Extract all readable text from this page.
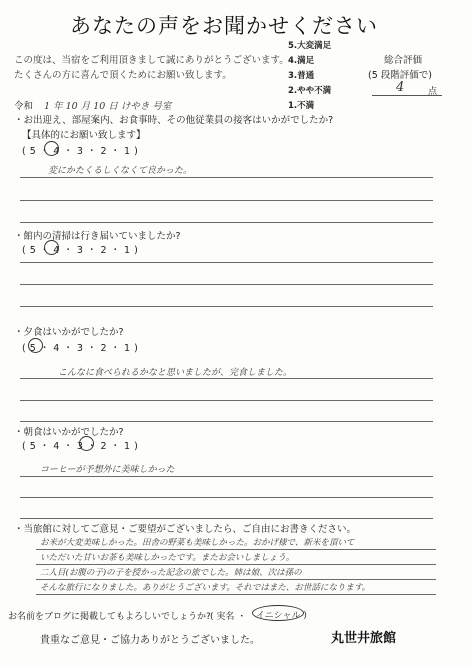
あなたの声をお聞かせください
この度は、当宿をご利用頂きまして誠にありがとうございます。
たくさんの方に喜んで頂くためにお願い致します。
5.大変満足
4.満足
3.普通
2.やや不満
1.不満
総合評価
(5 段階評価で)
4	点
令和 1 年 10 月 10 日 けやき 号室
・お出迎え、部屋案内、お食事時、その他従業員の接客はいかがでしたか?
【具体的にお願い致します】
( 5 ・ 4 ・ 3 ・ 2 ・ 1 )
変にかたくるしくなくて良かった。
・館内の清掃は行き届いていましたか?
( 5 ・ 4 ・ 3 ・ 2 ・ 1 )
・夕食はいかがでしたか?
( 5 ・ 4 ・ 3 ・ 2 ・ 1 )
こんなに食べられるかなと思いましたが、完食しました。
・朝食はいかがでしたか?
( 5 ・ 4 ・ 3 ・ 2 ・ 1 )
コーヒーが予想外に美味しかった
・当旅館に対してご意見・ご要望がございましたら、ご自由にお書きください。
お米が大変美味しかった。田舎の野菜も美味しかった。おかげ様で、新米を頂いて
いただいた甘いお茶も美味しかったです。またお会いしましょう。
二人目(お腹の子)の子を授かった記念の旅でした。姉は娘、次は孫の
そんな旅行になりました。ありがとうございます。それではまた、お世話になります。
お名前をブログに掲載してもよろしいでしょうか? ( 実名 ・ イニシャル )
貴重なご意見・ご協力ありがとうございました。	丸世井旅館
